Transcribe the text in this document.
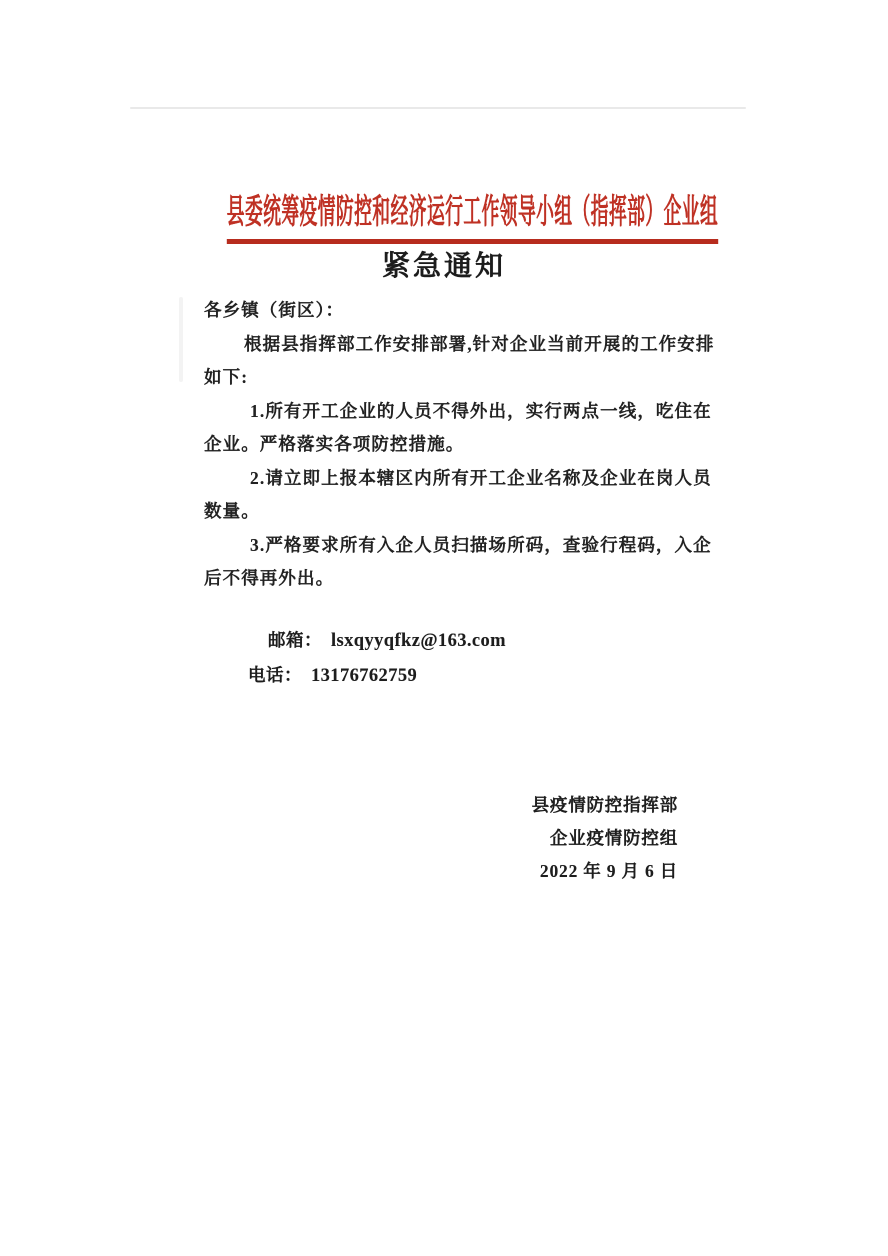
县委统筹疫情防控和经济运行工作领导小组（指挥部）企业组
紧急通知
各乡镇（街区）：
根据县指挥部工作安排部署,针对企业当前开展的工作安排
如下:
1.所有开工企业的人员不得外出，实行两点一线，吃住在
企业。严格落实各项防控措施。
2.请立即上报本辖区内所有开工企业名称及企业在岗人员
数量。
3.严格要求所有入企人员扫描场所码，查验行程码，入企
后不得再外出。
邮箱： lsxqyyqfkz@163.com
电话： 13176762759
县疫情防控指挥部
企业疫情防控组
2022 年 9 月 6 日
